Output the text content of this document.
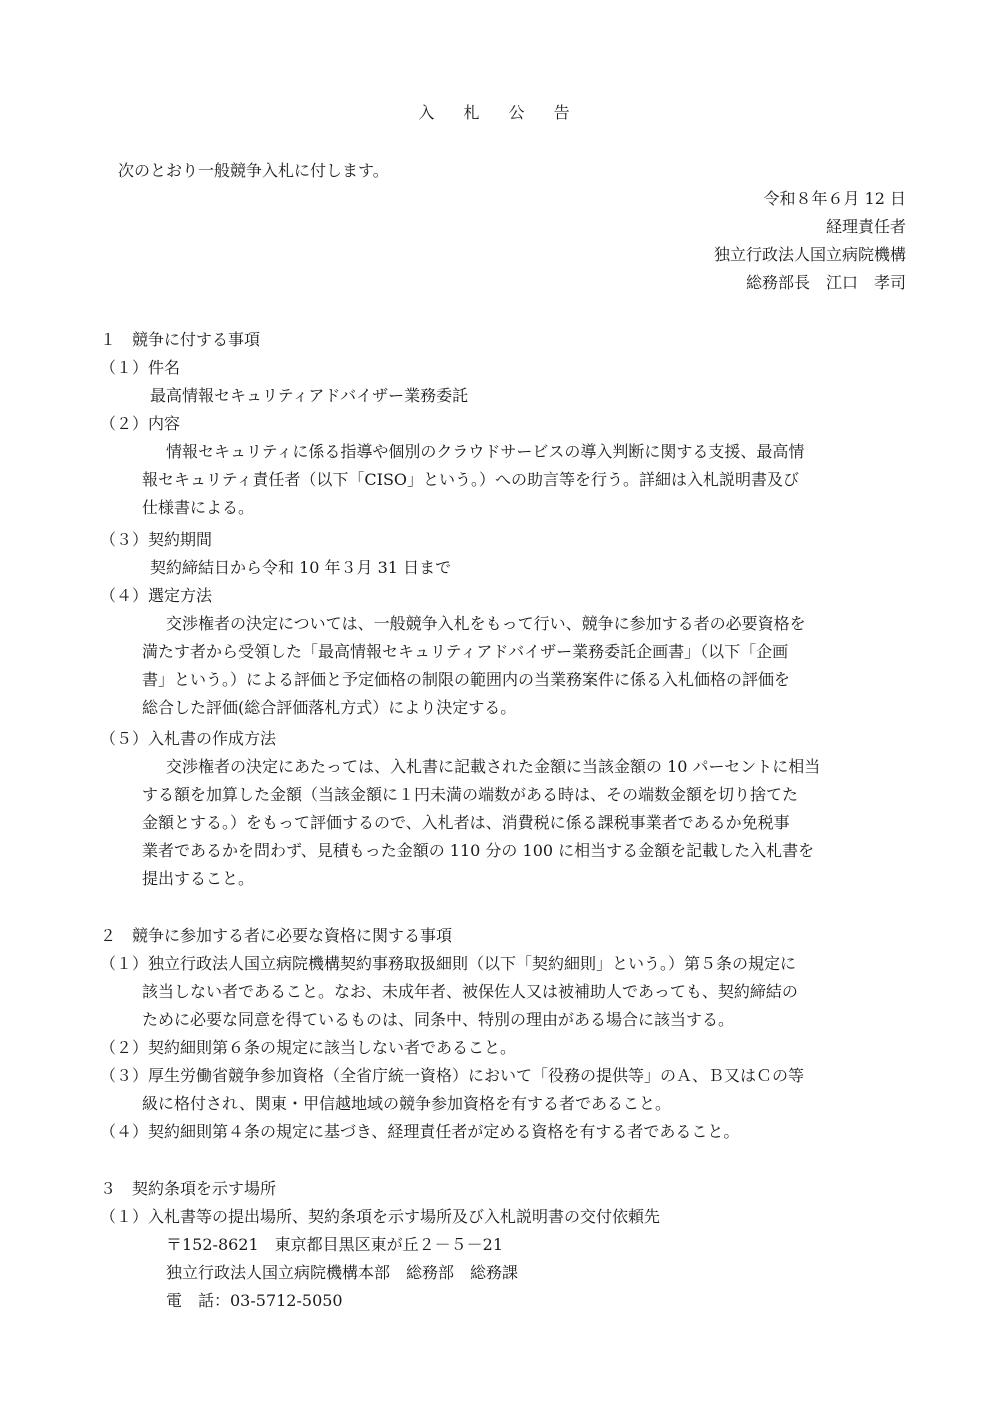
入 札 公 告
次のとおり一般競争入札に付します。
令和８年６月 12 日
経理責任者
独立行政法人国立病院機構
総務部長　江口　孝司
１　競争に付する事項
（１）件名
最高情報セキュリティアドバイザー業務委託
（２）内容
情報セキュリティに係る指導や個別のクラウドサービスの導入判断に関する支援、最高情
報セキュリティ責任者（以下「CISO」という。）への助言等を行う。詳細は入札説明書及び
仕様書による。
（３）契約期間
契約締結日から令和 10 年３月 31 日まで
（４）選定方法
交渉権者の決定については、一般競争入札をもって行い、競争に参加する者の必要資格を
満たす者から受領した「最高情報セキュリティアドバイザー業務委託企画書」（以下「企画
書」という。）による評価と予定価格の制限の範囲内の当業務案件に係る入札価格の評価を
総合した評価(総合評価落札方式）により決定する。
（５）入札書の作成方法
交渉権者の決定にあたっては、入札書に記載された金額に当該金額の 10 パーセントに相当
する額を加算した金額（当該金額に１円未満の端数がある時は、その端数金額を切り捨てた
金額とする。）をもって評価するので、入札者は、消費税に係る課税事業者であるか免税事
業者であるかを問わず、見積もった金額の 110 分の 100 に相当する金額を記載した入札書を
提出すること。
２　競争に参加する者に必要な資格に関する事項
（１）独立行政法人国立病院機構契約事務取扱細則（以下「契約細則」という。）第５条の規定に
該当しない者であること。なお、未成年者、被保佐人又は被補助人であっても、契約締結の
ために必要な同意を得ているものは、同条中、特別の理由がある場合に該当する。
（２）契約細則第６条の規定に該当しない者であること。
（３）厚生労働省競争参加資格（全省庁統一資格）において「役務の提供等」のＡ、Ｂ又はＣの等
級に格付され、関東・甲信越地域の競争参加資格を有する者であること。
（４）契約細則第４条の規定に基づき、経理責任者が定める資格を有する者であること。
３　契約条項を示す場所
（１）入札書等の提出場所、契約条項を示す場所及び入札説明書の交付依頼先
〒152-8621　東京都目黒区東が丘２－５－21
独立行政法人国立病院機構本部　総務部　総務課
電　話：03-5712-5050
